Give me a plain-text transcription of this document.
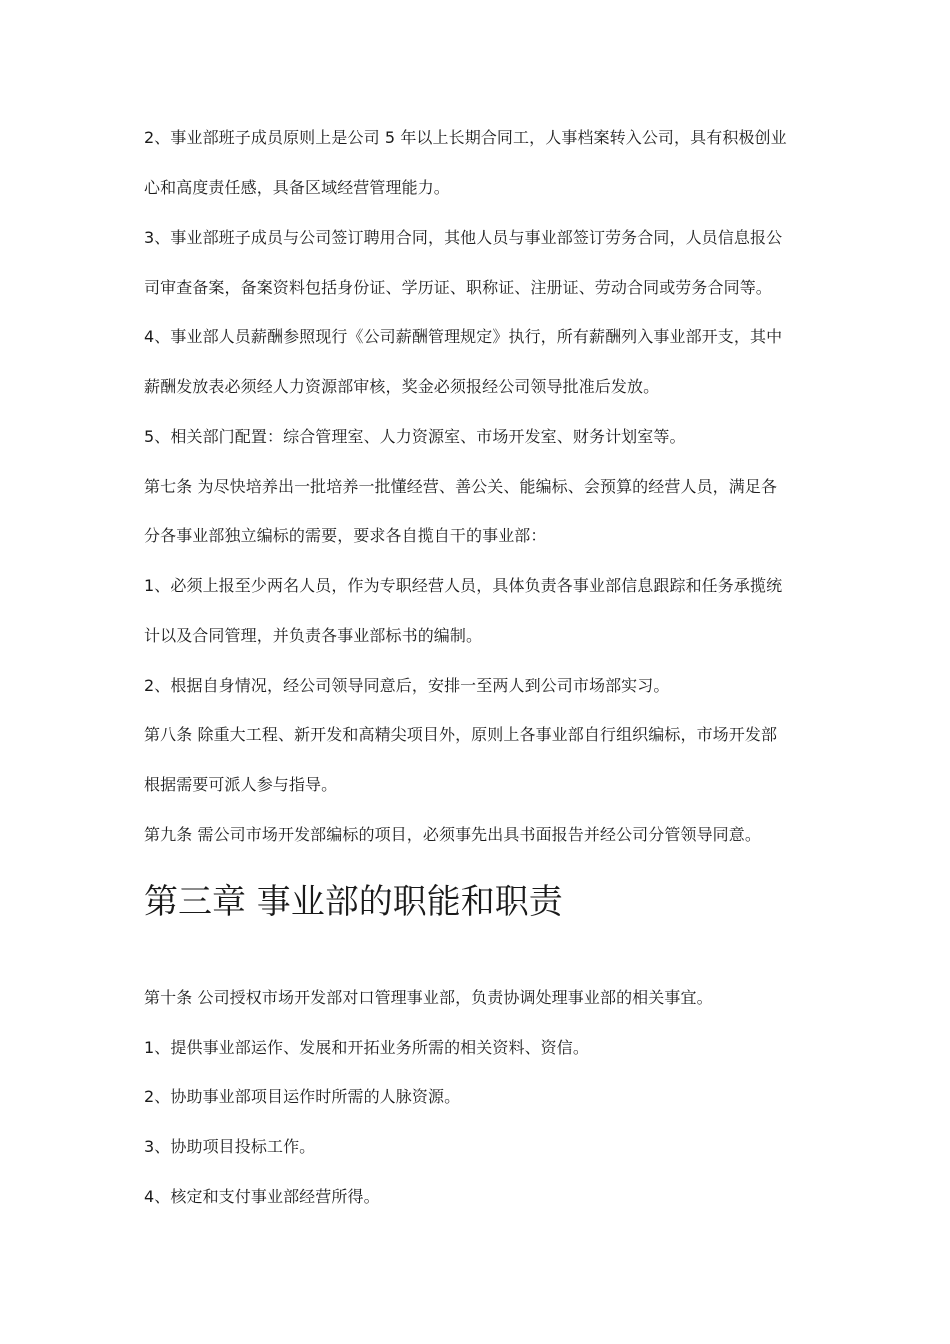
2、事业部班子成员原则上是公司 5 年以上长期合同工，人事档案转入公司，具有积极创业
心和高度责任感，具备区域经营管理能力。
3、事业部班子成员与公司签订聘用合同，其他人员与事业部签订劳务合同，人员信息报公
司审查备案，备案资料包括身份证、学历证、职称证、注册证、劳动合同或劳务合同等。
4、事业部人员薪酬参照现行《公司薪酬管理规定》执行，所有薪酬列入事业部开支，其中
薪酬发放表必须经人力资源部审核，奖金必须报经公司领导批准后发放。
5、相关部门配置：综合管理室、人力资源室、市场开发室、财务计划室等。
第七条 为尽快培养出一批培养一批懂经营、善公关、能编标、会预算的经营人员，满足各
分各事业部独立编标的需要，要求各自揽自干的事业部：
1、必须上报至少两名人员，作为专职经营人员，具体负责各事业部信息跟踪和任务承揽统
计以及合同管理，并负责各事业部标书的编制。
2、根据自身情况，经公司领导同意后，安排一至两人到公司市场部实习。
第八条 除重大工程、新开发和高精尖项目外，原则上各事业部自行组织编标，市场开发部
根据需要可派人参与指导。
第九条 需公司市场开发部编标的项目，必须事先出具书面报告并经公司分管领导同意。
第三章 事业部的职能和职责
第十条 公司授权市场开发部对口管理事业部，负责协调处理事业部的相关事宜。
1、提供事业部运作、发展和开拓业务所需的相关资料、资信。
2、协助事业部项目运作时所需的人脉资源。
3、协助项目投标工作。
4、核定和支付事业部经营所得。
